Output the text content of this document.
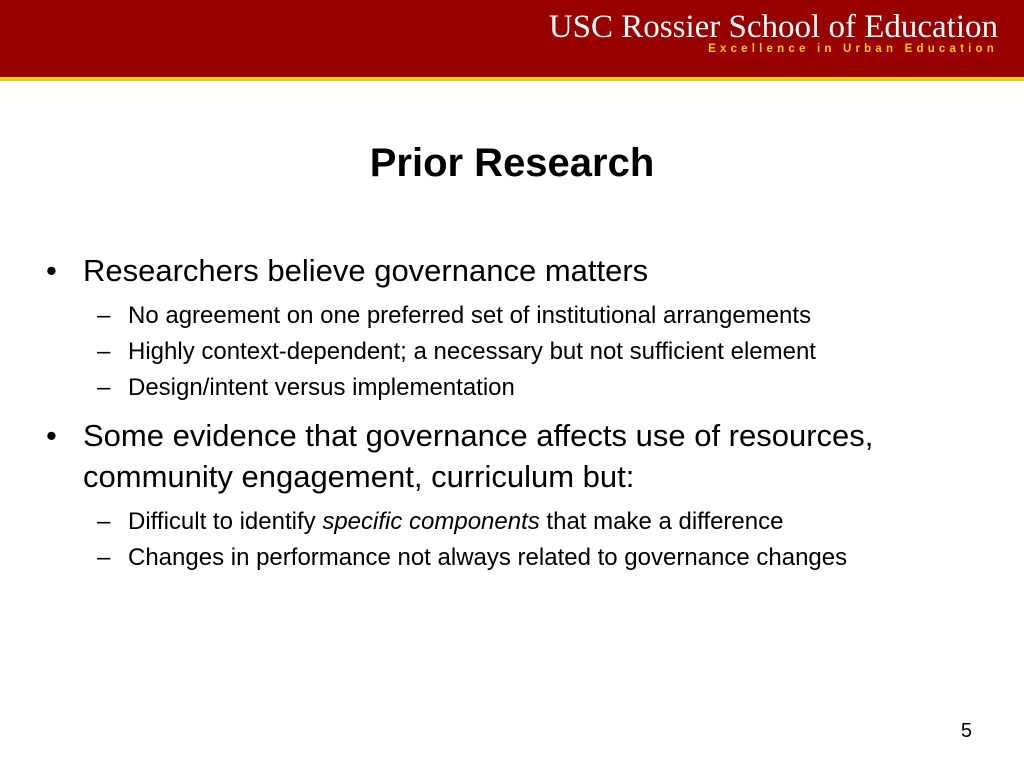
USC Rossier School of Education
Excellence in Urban Education
Prior Research
• Researchers believe governance matters
– No agreement on one preferred set of institutional arrangements
– Highly context-dependent; a necessary but not sufficient element
– Design/intent versus implementation
• Some evidence that governance affects use of resources, community engagement, curriculum but:
– Difficult to identify specific components that make a difference
– Changes in performance not always related to governance changes
5
